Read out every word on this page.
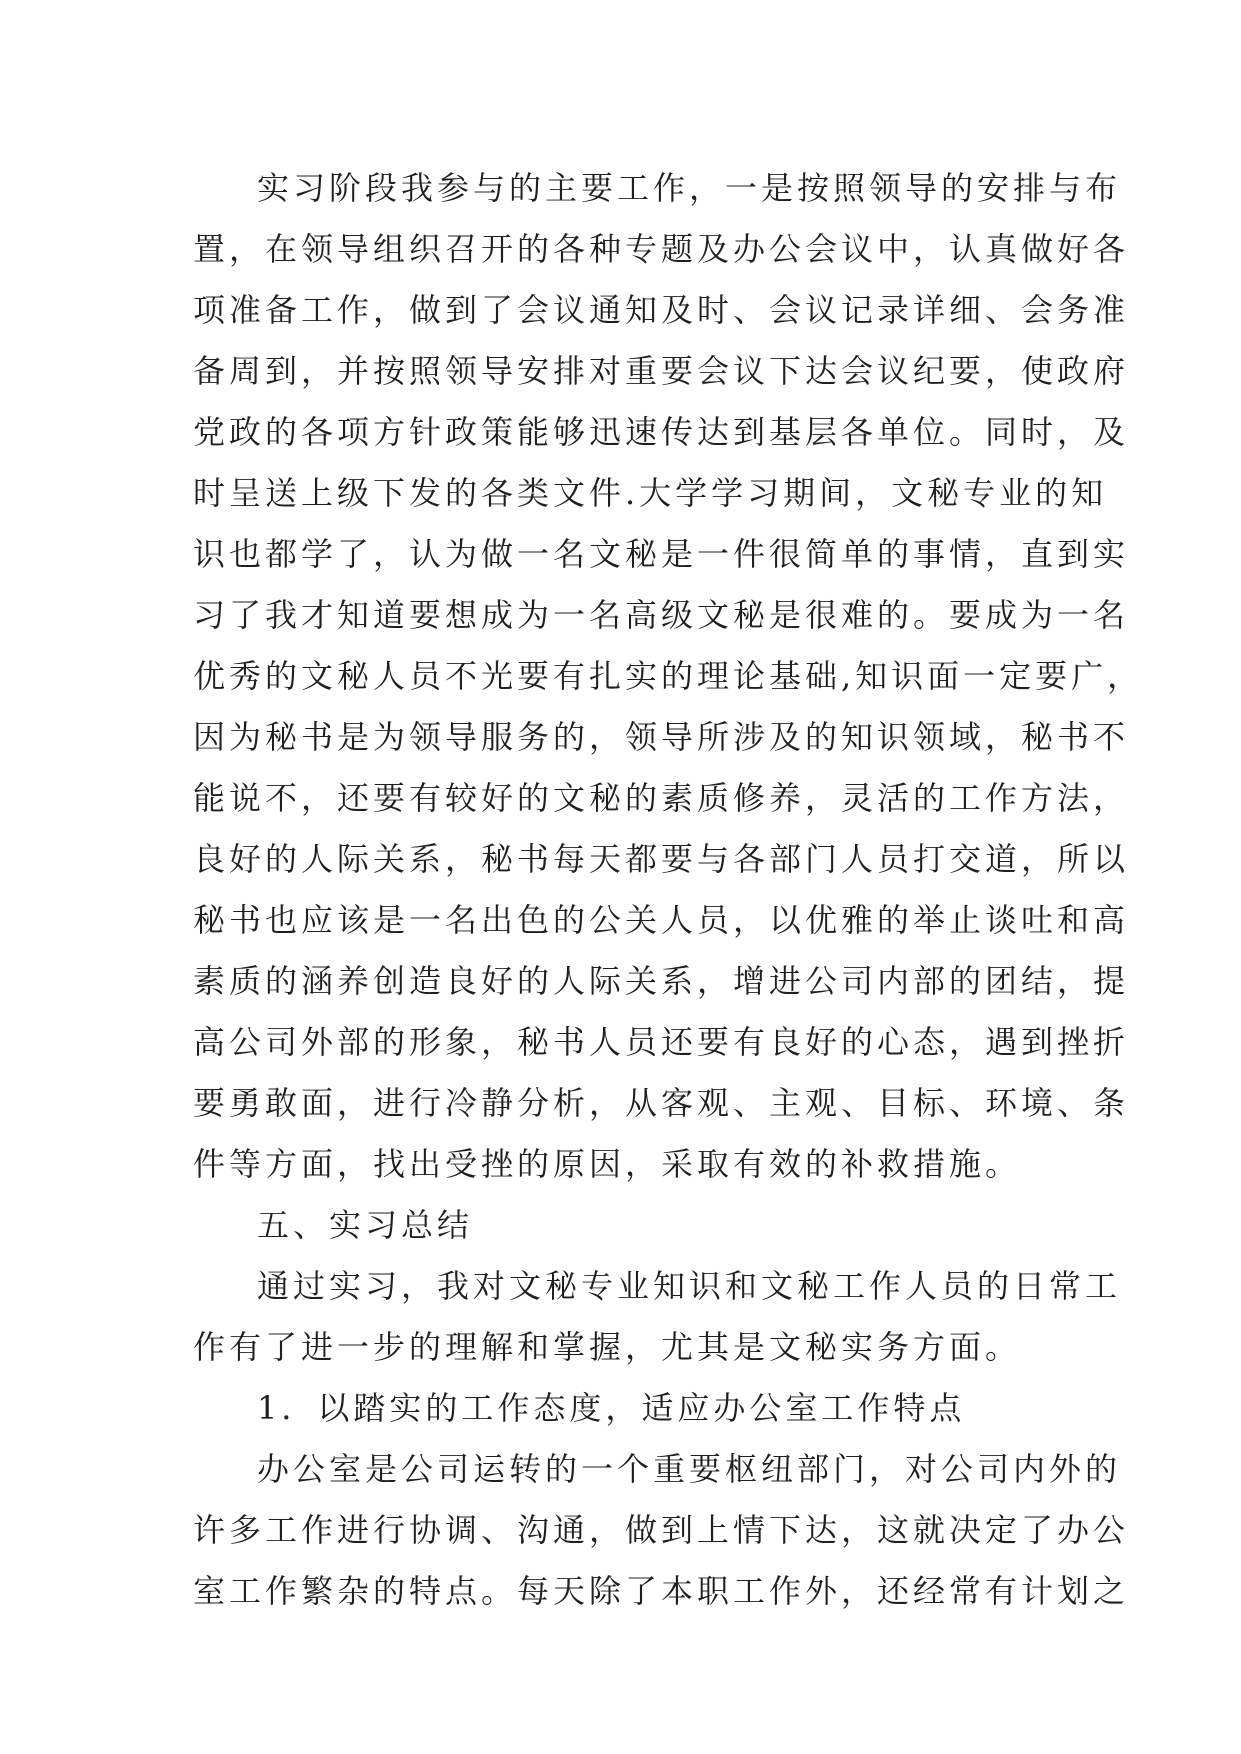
实习阶段我参与的主要工作，一是按照领导的安排与布
置，在领导组织召开的各种专题及办公会议中，认真做好各
项准备工作，做到了会议通知及时、会议记录详细、会务准
备周到，并按照领导安排对重要会议下达会议纪要，使政府
党政的各项方针政策能够迅速传达到基层各单位。同时，及
时呈送上级下发的各类文件.大学学习期间，文秘专业的知
识也都学了，认为做一名文秘是一件很简单的事情，直到实
习了我才知道要想成为一名高级文秘是很难的。要成为一名
优秀的文秘人员不光要有扎实的理论基础,知识面一定要广，
因为秘书是为领导服务的，领导所涉及的知识领域，秘书不
能说不，还要有较好的文秘的素质修养，灵活的工作方法，
良好的人际关系，秘书每天都要与各部门人员打交道，所以
秘书也应该是一名出色的公关人员，以优雅的举止谈吐和高
素质的涵养创造良好的人际关系，增进公司内部的团结，提
高公司外部的形象，秘书人员还要有良好的心态，遇到挫折
要勇敢面，进行冷静分析，从客观、主观、目标、环境、条
件等方面，找出受挫的原因，采取有效的补救措施。
五、实习总结
通过实习，我对文秘专业知识和文秘工作人员的日常工
作有了进一步的理解和掌握，尤其是文秘实务方面。
1．以踏实的工作态度，适应办公室工作特点
办公室是公司运转的一个重要枢纽部门，对公司内外的
许多工作进行协调、沟通，做到上情下达，这就决定了办公
室工作繁杂的特点。每天除了本职工作外，还经常有计划之
